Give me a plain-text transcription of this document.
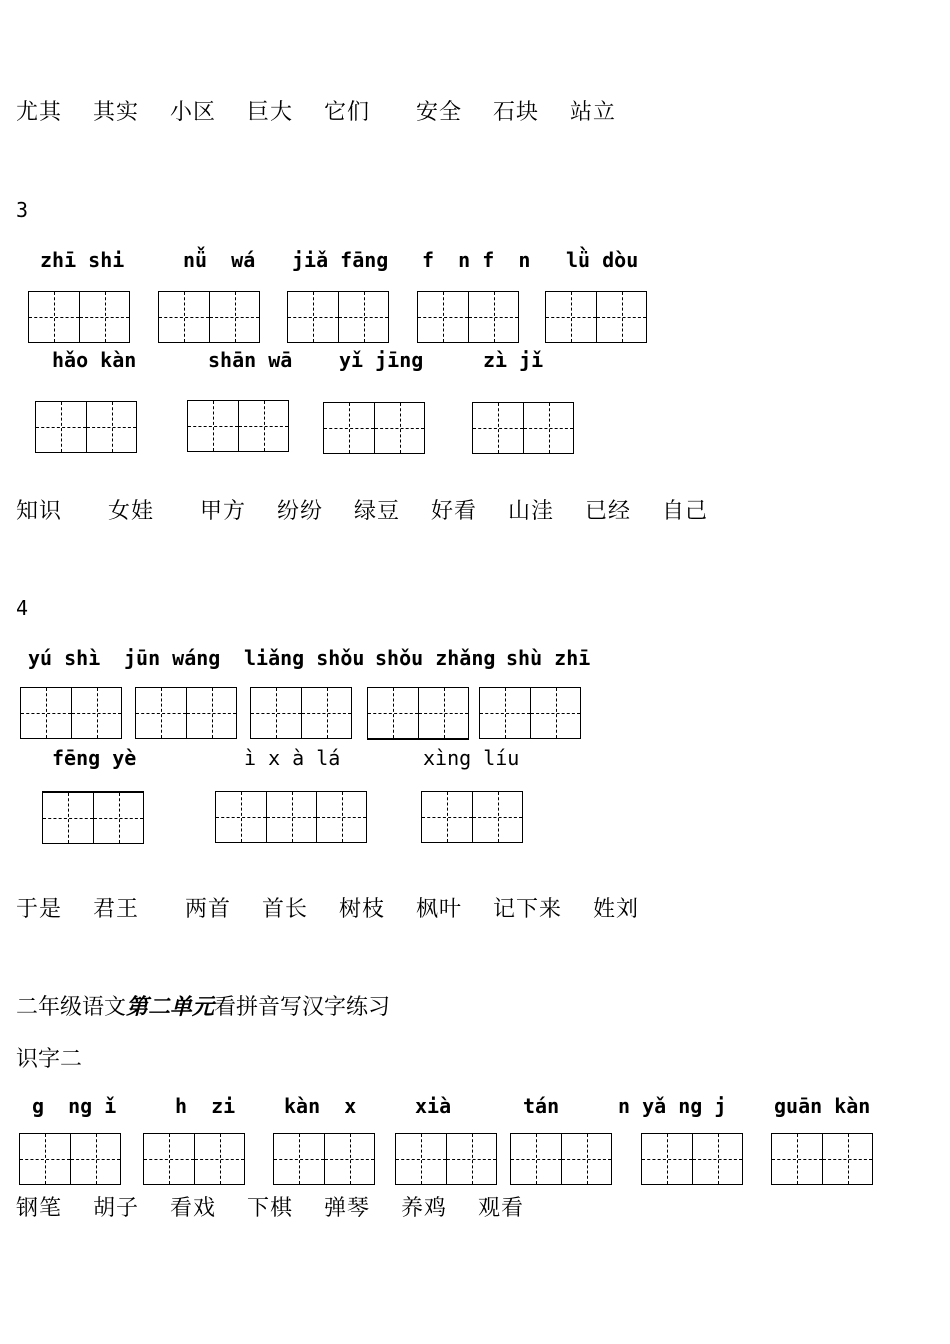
尤其　 其实　 小区　 巨大　 它们　　安全　 石块　 站立
3
zhī shi	nǚ  wá jiǎ fāng f  n f  n lǜ dòu
hǎo kàn	shān wā yǐ jīng	zì jǐ
知识　　女娃　　甲方　 纷纷　 绿豆　 好看　 山洼　 已经　 自己
4
yú shì jūn wáng liǎng shǒu shǒu zhǎng shù zhī
fēng yè	ì x à lá	xìng líu
于是　 君王　　两首　 首长　 树枝　 枫叶　 记下来　 姓刘
二年级语文第二单元看拼音写汉字练习
识字二
g  ng ǐ	h  zi kàn  x	xià	tán	n yǎ ng j guān kàn
钢笔　 胡子　 看戏　 下棋　 弹琴　 养鸡　 观看
